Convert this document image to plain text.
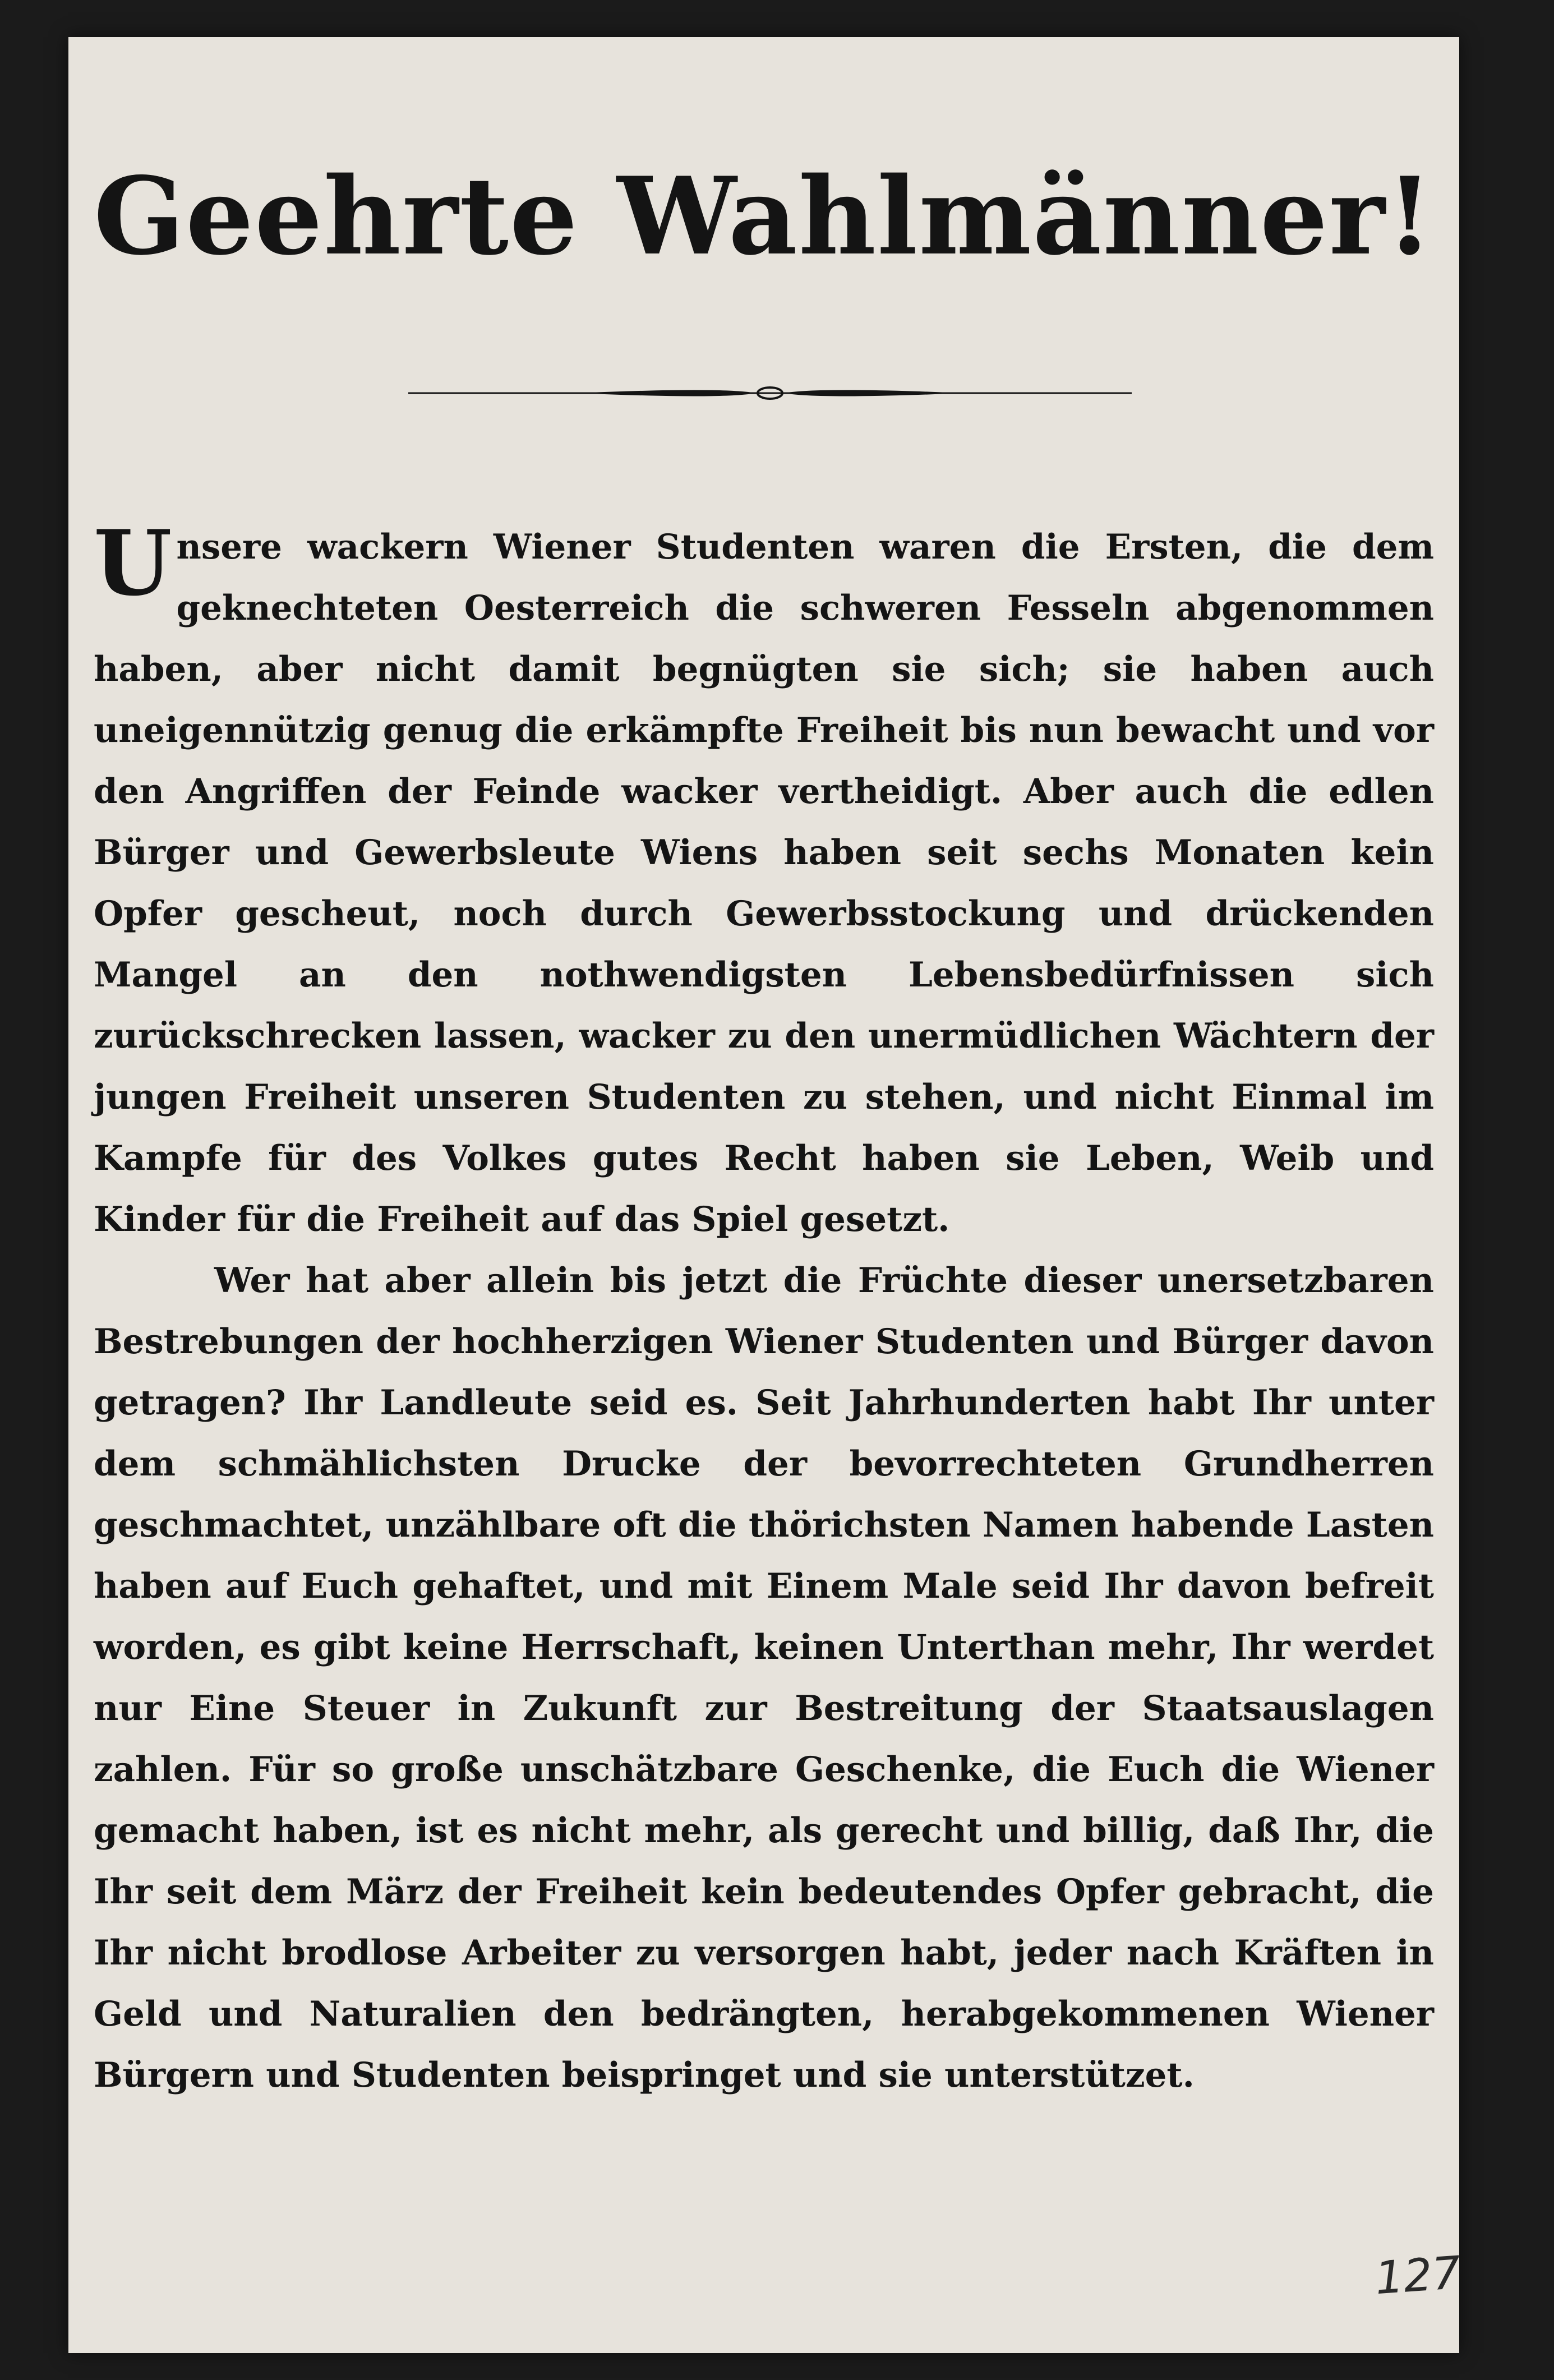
Geehrte Wahlmänner!

Unsere wackern Wiener Studenten waren die Ersten, die dem geknechteten Oesterreich die schweren Fesseln abgenommen haben, aber nicht damit begnügten sie sich; sie haben auch uneigennützig genug die erkämpfte Freiheit bis nun bewacht und vor den Angriffen der Feinde wacker vertheidigt. Aber auch die edlen Bürger und Gewerbsleute Wiens haben seit sechs Monaten kein Opfer gescheut, noch durch Gewerbsstockung und drückenden Mangel an den nothwendigsten Lebensbedürfnissen sich zurückschrecken lassen, wacker zu den unermüdlichen Wächtern der jungen Freiheit unseren Studenten zu stehen, und nicht Einmal im Kampfe für des Volkes gutes Recht haben sie Leben, Weib und Kinder für die Freiheit auf das Spiel gesetzt.

Wer hat aber allein bis jetzt die Früchte dieser unersetzbaren Bestrebungen der hochherzigen Wiener Studenten und Bürger davon getragen? Ihr Landleute seid es. Seit Jahrhunderten habt Ihr unter dem schmählichsten Drucke der bevorrechteten Grundherren geschmachtet, unzählbare oft die thörichsten Namen habende Lasten haben auf Euch gehaftet, und mit Einem Male seid Ihr davon befreit worden, es gibt keine Herrschaft, keinen Unterthan mehr, Ihr werdet nur Eine Steuer in Zukunft zur Bestreitung der Staatsauslagen zahlen. Für so große unschätzbare Geschenke, die Euch die Wiener gemacht haben, ist es nicht mehr, als gerecht und billig, daß Ihr, die Ihr seit dem März der Freiheit kein bedeutendes Opfer gebracht, die Ihr nicht brodlose Arbeiter zu versorgen habt, jeder nach Kräften in Geld und Naturalien den bedrängten, herabgekommenen Wiener Bürgern und Studenten beispringet und sie unterstützet.

127
